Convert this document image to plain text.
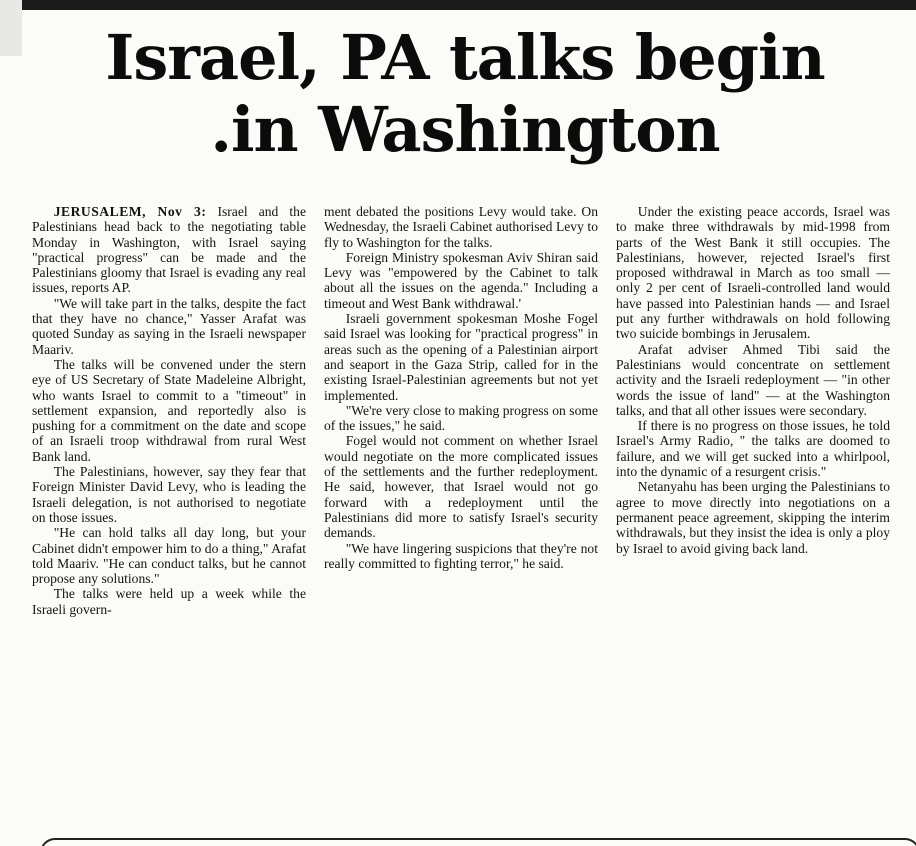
Israel, PA talks begin
.in Washington

JERUSALEM, Nov 3: Israel and the Palestinians head back to the negotiating table Monday in Washington, with Israel saying "practical progress" can be made and the Palestinians gloomy that Israel is evading any real issues, reports AP.

"We will take part in the talks, despite the fact that they have no chance," Yasser Arafat was quoted Sunday as saying in the Israeli newspaper Maariv.

The talks will be convened under the stern eye of US Secretary of State Madeleine Albright, who wants Israel to commit to a "timeout" in settlement expansion, and reportedly also is pushing for a commitment on the date and scope of an Israeli troop withdrawal from rural West Bank land.

The Palestinians, however, say they fear that Foreign Minister David Levy, who is leading the Israeli delegation, is not authorised to negotiate on those issues.

"He can hold talks all day long, but your Cabinet didn't empower him to do a thing," Arafat told Maariv. "He can conduct talks, but he cannot propose any solutions."

The talks were held up a week while the Israeli govern-

ment debated the positions Levy would take. On Wednesday, the Israeli Cabinet authorised Levy to fly to Washington for the talks.

Foreign Ministry spokesman Aviv Shiran said Levy was "empowered by the Cabinet to talk about all the issues on the agenda." Including a timeout and West Bank withdrawal.'

Israeli government spokesman Moshe Fogel said Israel was looking for "practical progress" in areas such as the opening of a Palestinian airport and seaport in the Gaza Strip, called for in the existing Israel-Palestinian agreements but not yet implemented.

"We're very close to making progress on some of the issues," he said.

Fogel would not comment on whether Israel would negotiate on the more complicated issues of the settlements and the further redeployment. He said, however, that Israel would not go forward with a redeployment until the Palestinians did more to satisfy Israel's security demands.

"We have lingering suspicions that they're not really committed to fighting terror," he said.

Under the existing peace accords, Israel was to make three withdrawals by mid-1998 from parts of the West Bank it still occupies. The Palestinians, however, rejected Israel's first proposed withdrawal in March as too small — only 2 per cent of Israeli-controlled land would have passed into Palestinian hands — and Israel put any further withdrawals on hold following two suicide bombings in Jerusalem.

Arafat adviser Ahmed Tibi said the Palestinians would concentrate on settlement activity and the Israeli redeployment — "in other words the issue of land" — at the Washington talks, and that all other issues were secondary.

If there is no progress on those issues, he told Israel's Army Radio, " the talks are doomed to failure, and we will get sucked into a whirlpool, into the dynamic of a resurgent crisis."

Netanyahu has been urging the Palestinians to agree to move directly into negotiations on a permanent peace agreement, skipping the interim withdrawals, but they insist the idea is only a ploy by Israel to avoid giving back land.
